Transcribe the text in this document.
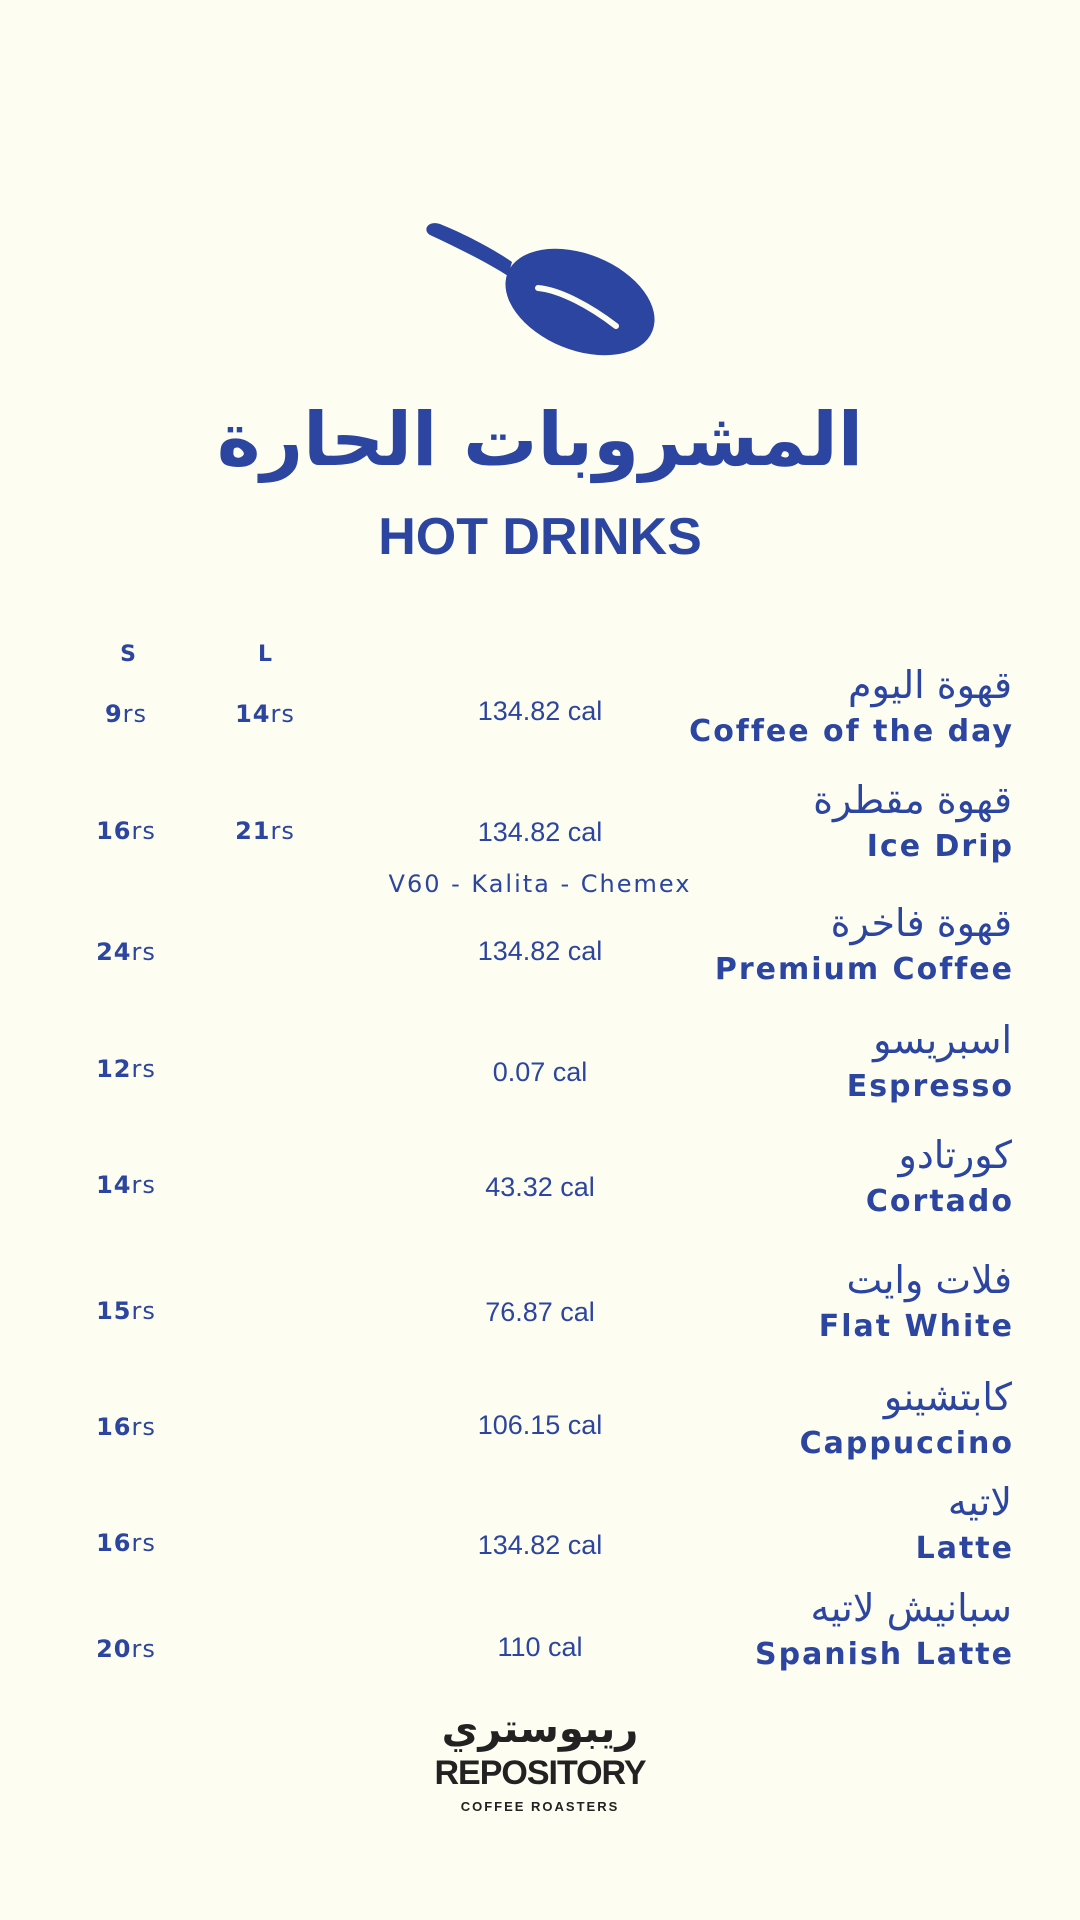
المشروبات الحارة
HOT DRINKS
S	L
V60 - Kalita - Chemex
9rs	14rs	134.82 cal
قهوة اليوم
Coffee of the day
16rs	21rs	134.82 cal
قهوة مقطرة
Ice Drip
24rs	134.82 cal
قهوة فاخرة
Premium Coffee
12rs	0.07 cal
اسبريسو
Espresso
14rs	43.32 cal
كورتادو
Cortado
15rs	76.87 cal
فلات وايت
Flat White
16rs	106.15 cal
كابتشينو
Cappuccino
16rs	134.82 cal
لاتيه
Latte
20rs	110 cal
سبانيش لاتيه
Spanish Latte
ريبوستري
REPOSITORY
COFFEE ROASTERS
